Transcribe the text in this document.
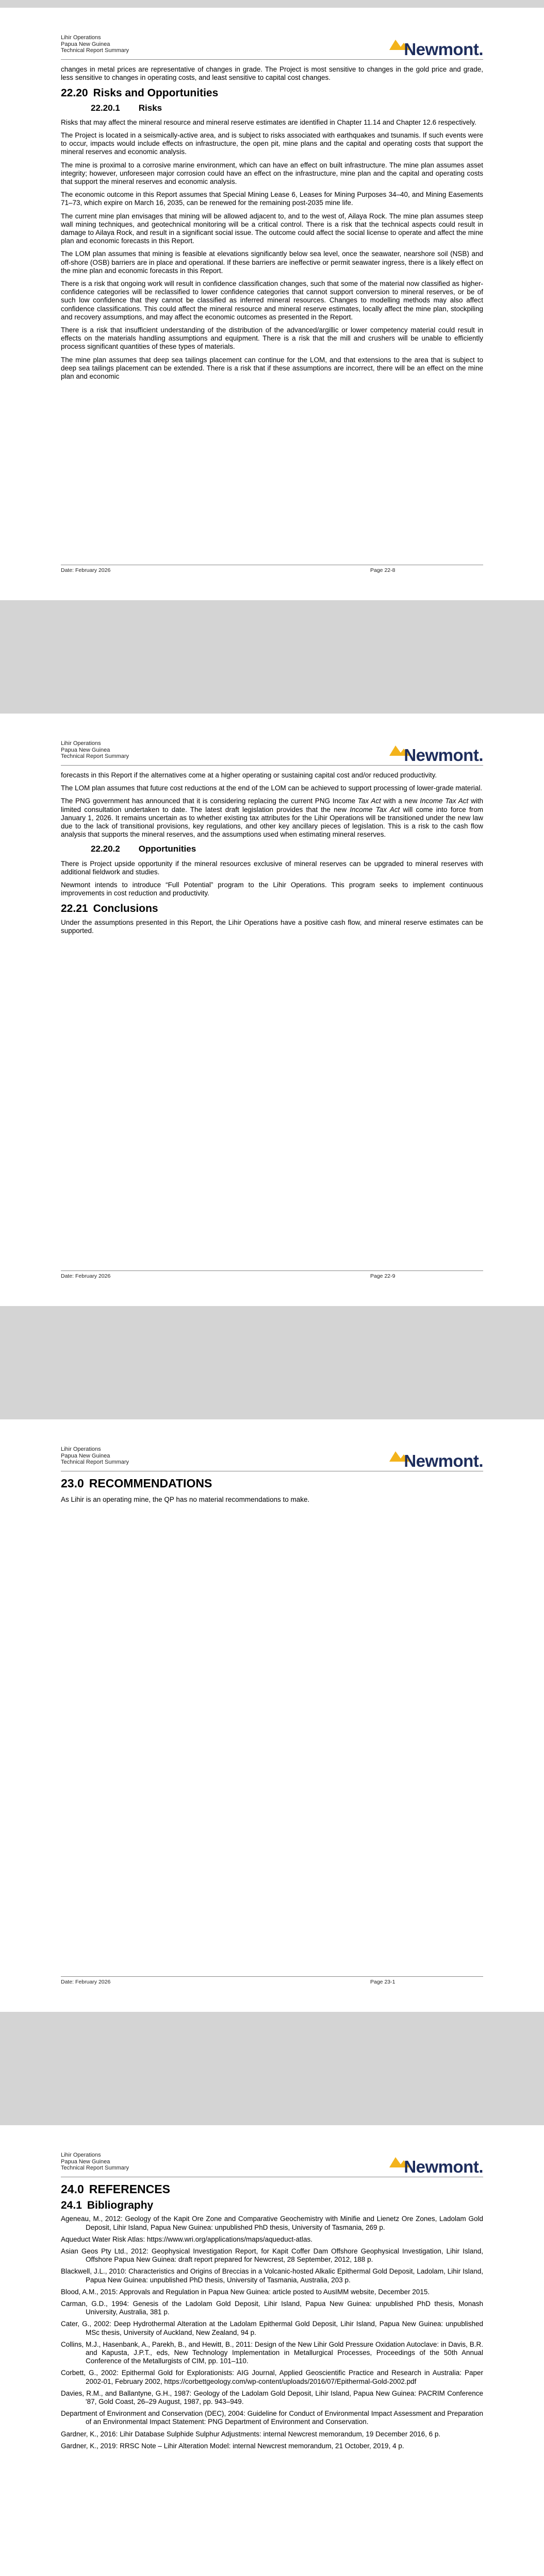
Lihir Operations
Papua New Guinea
Technical Report Summary	Newmont.

changes in metal prices are representative of changes in grade. The Project is most sensitive to changes in the gold price and grade, less sensitive to changes in operating costs, and least sensitive to capital cost changes.

22.20 Risks and Opportunities
22.20.1 Risks

Risks that may affect the mineral resource and mineral reserve estimates are identified in Chapter 11.14 and Chapter 12.6 respectively.

The Project is located in a seismically-active area, and is subject to risks associated with earthquakes and tsunamis. If such events were to occur, impacts would include effects on infrastructure, the open pit, mine plans and the capital and operating costs that support the mineral reserves and economic analysis.

The mine is proximal to a corrosive marine environment, which can have an effect on built infrastructure. The mine plan assumes asset integrity; however, unforeseen major corrosion could have an effect on the infrastructure, mine plan and the capital and operating costs that support the mineral reserves and economic analysis.

The economic outcome in this Report assumes that Special Mining Lease 6, Leases for Mining Purposes 34–40, and Mining Easements 71–73, which expire on March 16, 2035, can be renewed for the remaining post-2035 mine life.

The current mine plan envisages that mining will be allowed adjacent to, and to the west of, Ailaya Rock. The mine plan assumes steep wall mining techniques, and geotechnical monitoring will be a critical control. There is a risk that the technical aspects could result in damage to Ailaya Rock, and result in a significant social issue. The outcome could affect the social license to operate and affect the mine plan and economic forecasts in this Report.

The LOM plan assumes that mining is feasible at elevations significantly below sea level, once the seawater, nearshore soil (NSB) and off-shore (OSB) barriers are in place and operational. If these barriers are ineffective or permit seawater ingress, there is a likely effect on the mine plan and economic forecasts in this Report.

There is a risk that ongoing work will result in confidence classification changes, such that some of the material now classified as higher-confidence categories will be reclassified to lower confidence categories that cannot support conversion to mineral reserves, or be of such low confidence that they cannot be classified as inferred mineral resources. Changes to modelling methods may also affect confidence classifications. This could affect the mineral resource and mineral reserve estimates, locally affect the mine plan, stockpiling and recovery assumptions, and may affect the economic outcomes as presented in the Report.

There is a risk that insufficient understanding of the distribution of the advanced/argillic or lower competency material could result in effects on the materials handling assumptions and equipment. There is a risk that the mill and crushers will be unable to efficiently process significant quantities of these types of materials.

The mine plan assumes that deep sea tailings placement can continue for the LOM, and that extensions to the area that is subject to deep sea tailings placement can be extended. There is a risk that if these assumptions are incorrect, there will be an effect on the mine plan and economic

Date: February 2026	Page 22-8
Lihir Operations
Papua New Guinea
Technical Report Summary	Newmont.

forecasts in this Report if the alternatives come at a higher operating or sustaining capital cost and/or reduced productivity.

The LOM plan assumes that future cost reductions at the end of the LOM can be achieved to support processing of lower-grade material.

The PNG government has announced that it is considering replacing the current PNG Income Tax Act with a new Income Tax Act with limited consultation undertaken to date. The latest draft legislation provides that the new Income Tax Act will come into force from January 1, 2026. It remains uncertain as to whether existing tax attributes for the Lihir Operations will be transitioned under the new law due to the lack of transitional provisions, key regulations, and other key ancillary pieces of legislation. This is a risk to the cash flow analysis that supports the mineral reserves, and the assumptions used when estimating mineral reserves.

22.20.2 Opportunities

There is Project upside opportunity if the mineral resources exclusive of mineral reserves can be upgraded to mineral reserves with additional fieldwork and studies.

Newmont intends to introduce “Full Potential” program to the Lihir Operations. This program seeks to implement continuous improvements in cost reduction and productivity.

22.21 Conclusions

Under the assumptions presented in this Report, the Lihir Operations have a positive cash flow, and mineral reserve estimates can be supported.

Date: February 2026	Page 22-9
Lihir Operations
Papua New Guinea
Technical Report Summary	Newmont.
23.0 RECOMMENDATIONS

As Lihir is an operating mine, the QP has no material recommendations to make.

Date: February 2026	Page 23-1
Lihir Operations
Papua New Guinea
Technical Report Summary	Newmont.
24.0 REFERENCES
24.1 Bibliography

Ageneau, M., 2012: Geology of the Kapit Ore Zone and Comparative Geochemistry with Minifie and Lienetz Ore Zones, Ladolam Gold Deposit, Lihir Island, Papua New Guinea: unpublished PhD thesis, University of Tasmania, 269 p.

Aqueduct Water Risk Atlas: https://www.wri.org/applications/maps/aqueduct-atlas.

Asian Geos Pty Ltd., 2012: Geophysical Investigation Report, for Kapit Coffer Dam Offshore Geophysical Investigation, Lihir Island, Offshore Papua New Guinea: draft report prepared for Newcrest, 28 September, 2012, 188 p.

Blackwell, J.L., 2010: Characteristics and Origins of Breccias in a Volcanic-hosted Alkalic Epithermal Gold Deposit, Ladolam, Lihir Island, Papua New Guinea: unpublished PhD thesis, University of Tasmania, Australia, 203 p.

Blood, A.M., 2015: Approvals and Regulation in Papua New Guinea: article posted to AusIMM website, December 2015.

Carman, G.D., 1994: Genesis of the Ladolam Gold Deposit, Lihir Island, Papua New Guinea: unpublished PhD thesis, Monash University, Australia, 381 p.

Cater, G., 2002: Deep Hydrothermal Alteration at the Ladolam Epithermal Gold Deposit, Lihir Island, Papua New Guinea: unpublished MSc thesis, University of Auckland, New Zealand, 94 p.

Collins, M.J., Hasenbank, A., Parekh, B., and Hewitt, B., 2011: Design of the New Lihir Gold Pressure Oxidation Autoclave: in Davis, B.R. and Kapusta, J.P.T., eds, New Technology Implementation in Metallurgical Processes, Proceedings of the 50th Annual Conference of the Metallurgists of CIM, pp. 101–110.

Corbett, G., 2002: Epithermal Gold for Explorationists: AIG Journal, Applied Geoscientific Practice and Research in Australia: Paper 2002-01, February 2002, https://corbettgeology.com/wp-content/uploads/2016/07/Epithermal-Gold-2002.pdf

Davies, R.M., and Ballantyne, G.H., 1987: Geology of the Ladolam Gold Deposit, Lihir Island, Papua New Guinea: PACRIM Conference '87, Gold Coast, 26–29 August, 1987, pp. 943–949.

Department of Environment and Conservation (DEC), 2004: Guideline for Conduct of Environmental Impact Assessment and Preparation of an Environmental Impact Statement: PNG Department of Environment and Conservation.

Gardner, K., 2016: Lihir Database Sulphide Sulphur Adjustments: internal Newcrest memorandum, 19 December 2016, 6 p.

Gardner, K., 2019: RRSC Note – Lihir Alteration Model: internal Newcrest memorandum, 21 October, 2019, 4 p.
